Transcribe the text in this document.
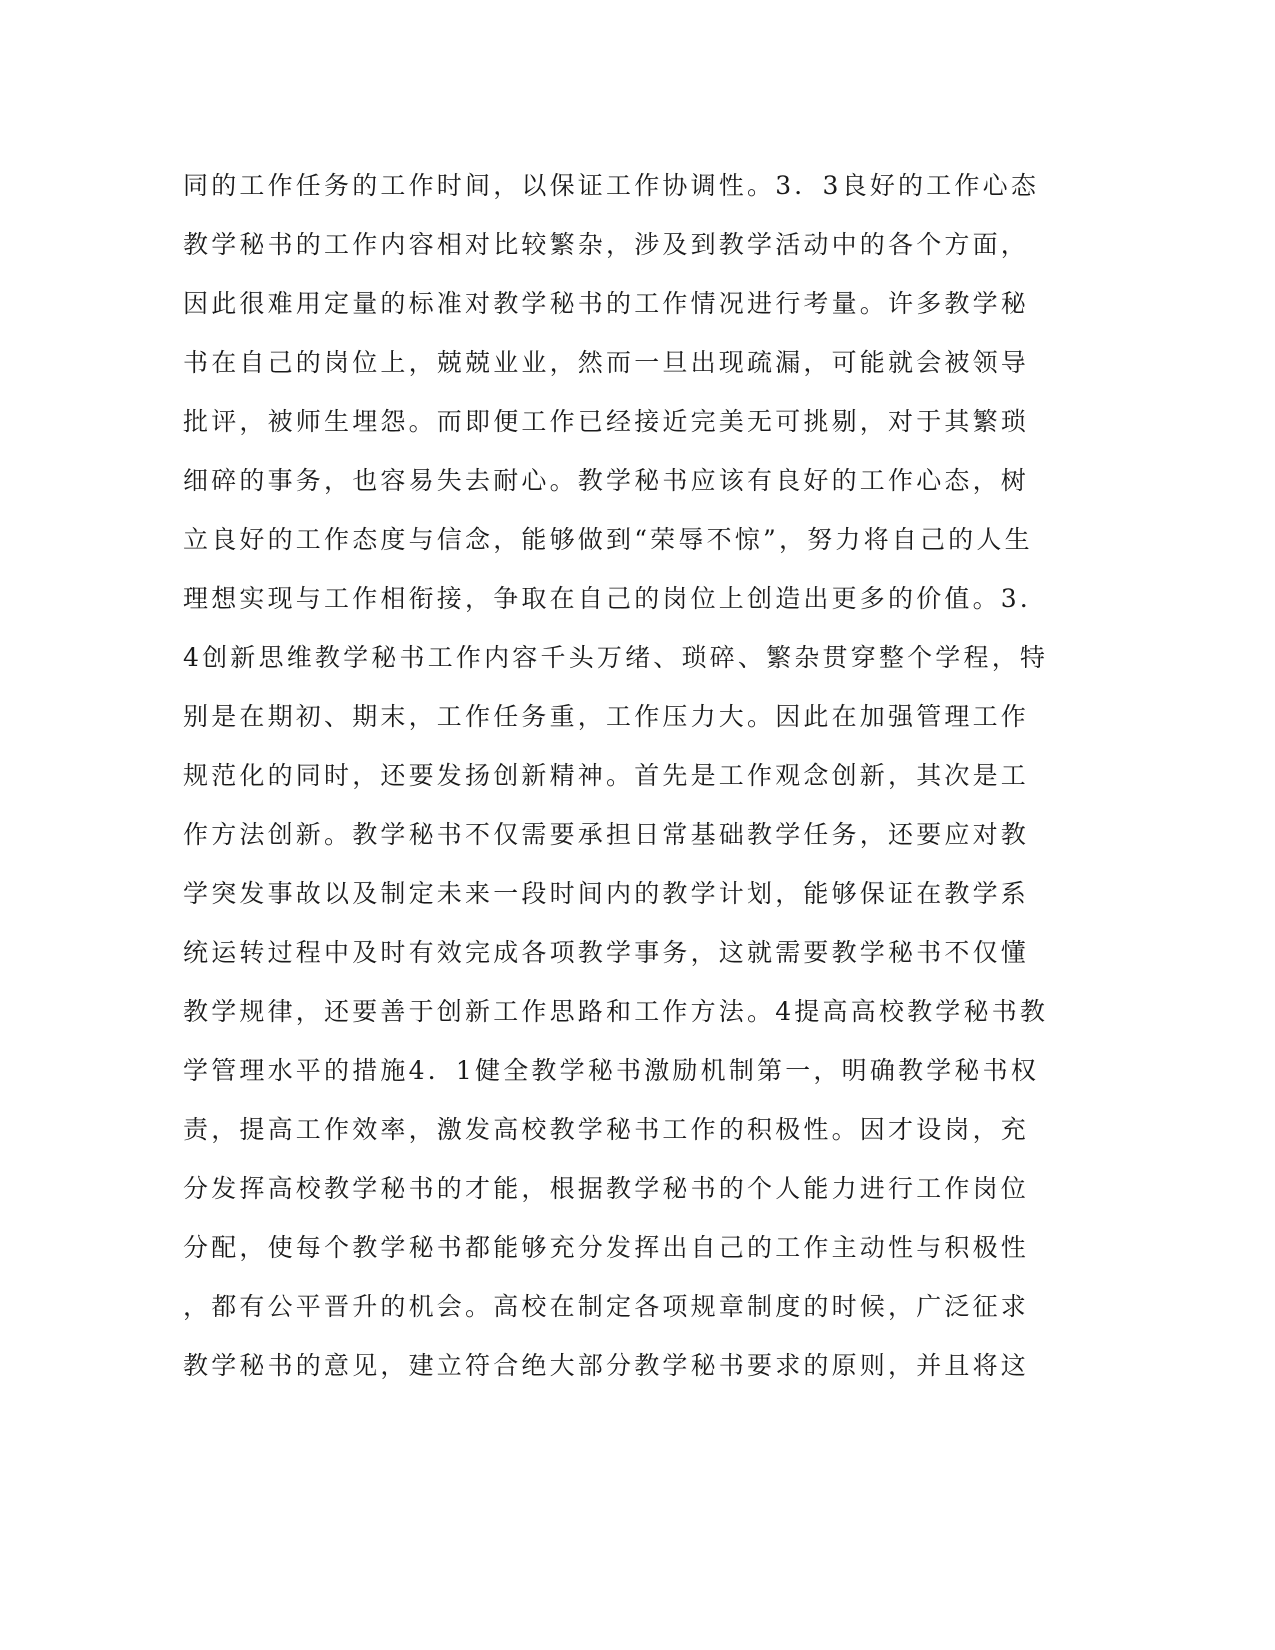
同的工作任务的工作时间，以保证工作协调性。3．3良好的工作心态
教学秘书的工作内容相对比较繁杂，涉及到教学活动中的各个方面，
因此很难用定量的标准对教学秘书的工作情况进行考量。许多教学秘
书在自己的岗位上，兢兢业业，然而一旦出现疏漏，可能就会被领导
批评，被师生埋怨。而即便工作已经接近完美无可挑剔，对于其繁琐
细碎的事务，也容易失去耐心。教学秘书应该有良好的工作心态，树
立良好的工作态度与信念，能够做到“荣辱不惊”，努力将自己的人生
理想实现与工作相衔接，争取在自己的岗位上创造出更多的价值。3．
4创新思维教学秘书工作内容千头万绪、琐碎、繁杂贯穿整个学程，特
别是在期初、期末，工作任务重，工作压力大。因此在加强管理工作
规范化的同时，还要发扬创新精神。首先是工作观念创新，其次是工
作方法创新。教学秘书不仅需要承担日常基础教学任务，还要应对教
学突发事故以及制定未来一段时间内的教学计划，能够保证在教学系
统运转过程中及时有效完成各项教学事务，这就需要教学秘书不仅懂
教学规律，还要善于创新工作思路和工作方法。4提高高校教学秘书教
学管理水平的措施4．1健全教学秘书激励机制第一，明确教学秘书权
责，提高工作效率，激发高校教学秘书工作的积极性。因才设岗，充
分发挥高校教学秘书的才能，根据教学秘书的个人能力进行工作岗位
分配，使每个教学秘书都能够充分发挥出自己的工作主动性与积极性
，都有公平晋升的机会。高校在制定各项规章制度的时候，广泛征求
教学秘书的意见，建立符合绝大部分教学秘书要求的原则，并且将这
